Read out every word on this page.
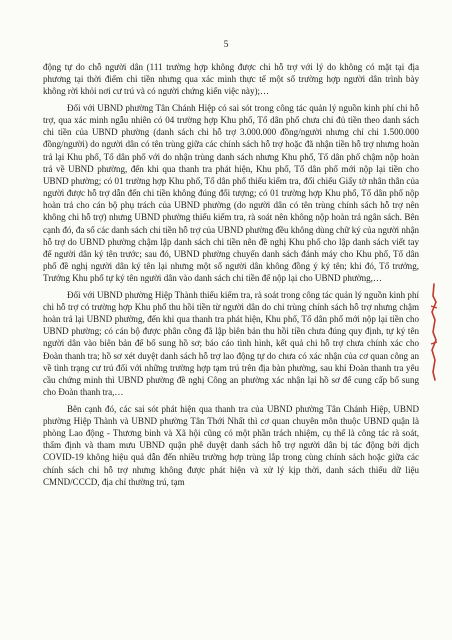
5

động tự do chỗ người dân (111 trường hợp không được chi hỗ trợ với lý do không có mặt tại địa phương tại thời điểm chi tiền nhưng qua xác minh thực tế một số trường hợp người dân trình bày không rời khỏi nơi cư trú và có người chứng kiến việc này);…

Đối với UBND phường Tân Chánh Hiệp có sai sót trong công tác quản lý nguồn kinh phí chi hỗ trợ, qua xác minh ngẫu nhiên có 04 trường hợp Khu phố, Tổ dân phố chưa chi đủ tiền theo danh sách chi tiền của UBND phường (danh sách chi hỗ trợ 3.000.000 đồng/người nhưng chỉ chi 1.500.000 đồng/người) do người dân có tên trùng giữa các chính sách hỗ trợ hoặc đã nhận tiền hỗ trợ nhưng hoàn trả lại Khu phố, Tổ dân phố với do nhận trùng danh sách nhưng Khu phố, Tổ dân phố chậm nộp hoàn trả về UBND phường, đến khi qua thanh tra phát hiện, Khu phố, Tổ dân phố mới nộp lại tiền cho UBND phường; có 01 trường hợp Khu phố, Tổ dân phố thiếu kiểm tra, đối chiếu Giấy tờ nhân thân của người được hỗ trợ dẫn đến chi tiền không đúng đối tượng; có 01 trường hợp Khu phố, Tổ dân phố nộp hoàn trả cho cán bộ phụ trách của UBND phường (do người dân có tên trùng chính sách hỗ trợ nên không chi hỗ trợ) nhưng UBND phường thiếu kiểm tra, rà soát nên không nộp hoàn trả ngân sách. Bên cạnh đó, đa số các danh sách chi tiền hỗ trợ của UBND phường đều không dùng chữ ký của người nhận hỗ trợ do UBND phường chậm lập danh sách chi tiền nên đề nghị Khu phố cho lập danh sách viết tay để người dân ký tên trước; sau đó, UBND phường chuyển danh sách đánh máy cho Khu phố, Tổ dân phố đề nghị người dân ký tên lại nhưng một số người dân không đồng ý ký tên; khi đó, Tổ trưởng, Trưởng Khu phố tự ký tên người dân vào danh sách chi tiền để nộp lại cho UBND phường,…

Đối với UBND phường Hiệp Thành thiếu kiểm tra, rà soát trong công tác quản lý nguồn kinh phí chi hỗ trợ có trường hợp Khu phố thu hồi tiền từ người dân do chi trùng chính sách hỗ trợ nhưng chậm hoàn trả lại UBND phường, đến khi qua thanh tra phát hiện, Khu phố, Tổ dân phố mới nộp lại tiền cho UBND phường; có cán bộ được phân công đã lập biên bản thu hồi tiền chưa đúng quy định, tự ký tên người dân vào biên bản để bổ sung hồ sơ; báo cáo tình hình, kết quả chi hỗ trợ chưa chính xác cho Đoàn thanh tra; hồ sơ xét duyệt danh sách hỗ trợ lao động tự do chưa có xác nhận của cơ quan công an về tình trạng cư trú đối với những trường hợp tạm trú trên địa bàn phường, sau khi Đoàn thanh tra yêu cầu chứng minh thì UBND phường đề nghị Công an phường xác nhận lại hồ sơ để cung cấp bổ sung cho Đoàn thanh tra,…

Bên cạnh đó, các sai sót phát hiện qua thanh tra của UBND phường Tân Chánh Hiệp, UBND phường Hiệp Thành và UBND phường Tân Thới Nhất thì cơ quan chuyên môn thuộc UBND quận là phòng Lao động - Thương binh và Xã hội cũng có một phần trách nhiệm, cụ thể là công tác rà soát, thẩm định và tham mưu UBND quận phê duyệt danh sách hỗ trợ người dân bị tác động bởi dịch COVID-19 không hiệu quả dẫn đến nhiều trường hợp trùng lắp trong cùng chính sách hoặc giữa các chính sách chi hỗ trợ nhưng không được phát hiện và xử lý kịp thời, danh sách thiếu dữ liệu CMND/CCCD, địa chỉ thường trú, tạm
